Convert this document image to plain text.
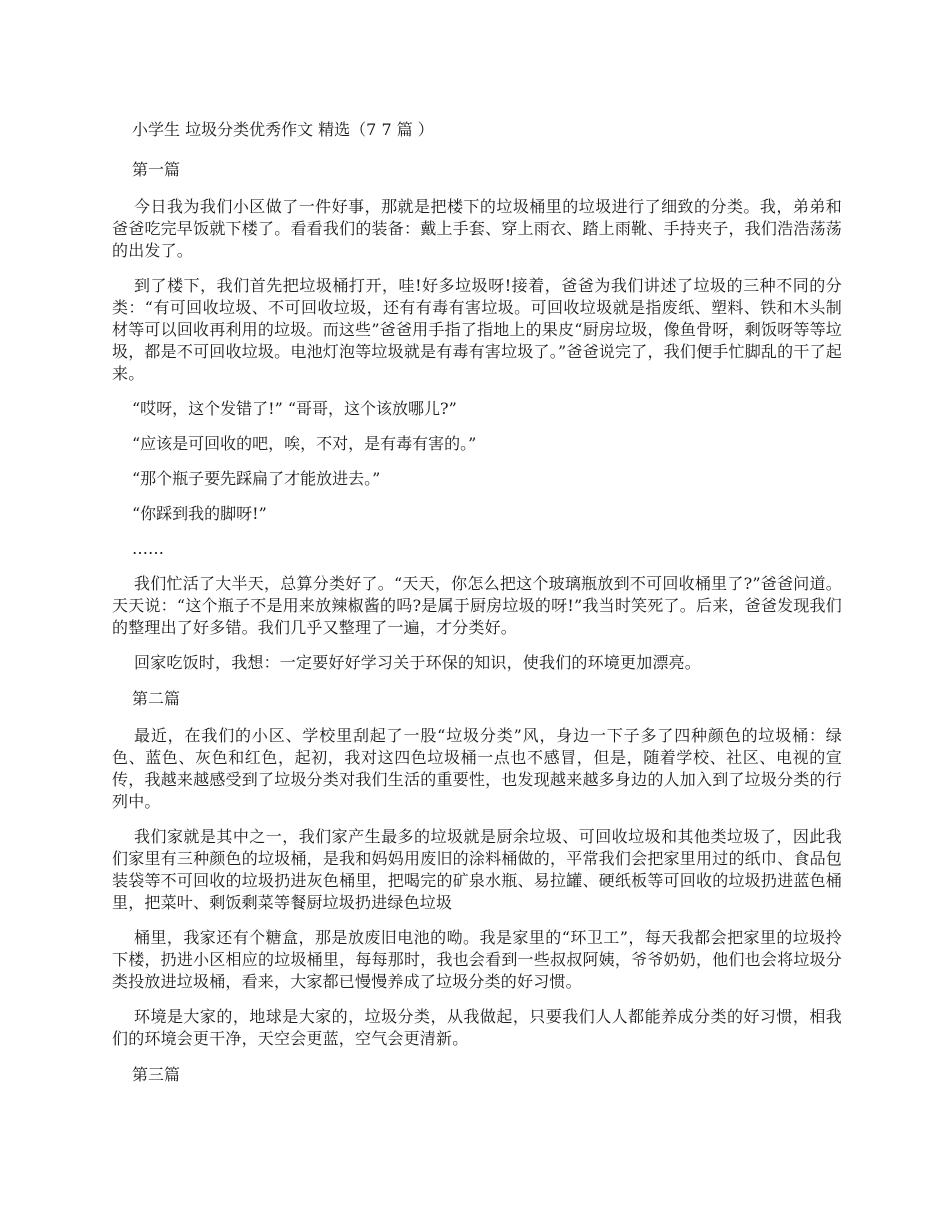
小学生 垃圾分类优秀作文 精选（7 7 篇 ）
第一篇

今日我为我们小区做了一件好事，那就是把楼下的垃圾桶里的垃圾进行了细致的分类。我，弟弟和爸爸吃完早饭就下楼了。看看我们的装备：戴上手套、穿上雨衣、踏上雨靴、手持夹子，我们浩浩荡荡的出发了。

到了楼下，我们首先把垃圾桶打开，哇!好多垃圾呀!接着，爸爸为我们讲述了垃圾的三种不同的分类：“有可回收垃圾、不可回收垃圾，还有有毒有害垃圾。可回收垃圾就是指废纸、塑料、铁和木头制材等可以回收再利用的垃圾。而这些”爸爸用手指了指地上的果皮“厨房垃圾，像鱼骨呀，剩饭呀等等垃圾，都是不可回收垃圾。电池灯泡等垃圾就是有毒有害垃圾了。”爸爸说完了，我们便手忙脚乱的干了起来。

“哎呀，这个发错了!” “哥哥，这个该放哪儿?”
“应该是可回收的吧，唉，不对，是有毒有害的。”
“那个瓶子要先踩扁了才能放进去。”
“你踩到我的脚呀!”
……

我们忙活了大半天，总算分类好了。“天天，你怎么把这个玻璃瓶放到不可回收桶里了?”爸爸问道。天天说：“这个瓶子不是用来放辣椒酱的吗?是属于厨房垃圾的呀!”我当时笑死了。后来，爸爸发现我们的整理出了好多错。我们几乎又整理了一遍，才分类好。

回家吃饭时，我想：一定要好好学习关于环保的知识，使我们的环境更加漂亮。

第二篇

最近，在我们的小区、学校里刮起了一股“垃圾分类”风，身边一下子多了四种颜色的垃圾桶：绿色、蓝色、灰色和红色，起初，我对这四色垃圾桶一点也不感冒，但是，随着学校、社区、电视的宣传，我越来越感受到了垃圾分类对我们生活的重要性，也发现越来越多身边的人加入到了垃圾分类的行列中。

我们家就是其中之一，我们家产生最多的垃圾就是厨余垃圾、可回收垃圾和其他类垃圾了，因此我们家里有三种颜色的垃圾桶，是我和妈妈用废旧的涂料桶做的，平常我们会把家里用过的纸巾、食品包装袋等不可回收的垃圾扔进灰色桶里，把喝完的矿泉水瓶、易拉罐、硬纸板等可回收的垃圾扔进蓝色桶里，把菜叶、剩饭剩菜等餐厨垃圾扔进绿色垃圾

桶里，我家还有个糖盒，那是放废旧电池的呦。我是家里的“环卫工”，每天我都会把家里的垃圾拎下楼，扔进小区相应的垃圾桶里，每每那时，我也会看到一些叔叔阿姨，爷爷奶奶，他们也会将垃圾分类投放进垃圾桶，看来，大家都已慢慢养成了垃圾分类的好习惯。

环境是大家的，地球是大家的，垃圾分类，从我做起，只要我们人人都能养成分类的好习惯，相我们的环境会更干净，天空会更蓝，空气会更清新。

第三篇
